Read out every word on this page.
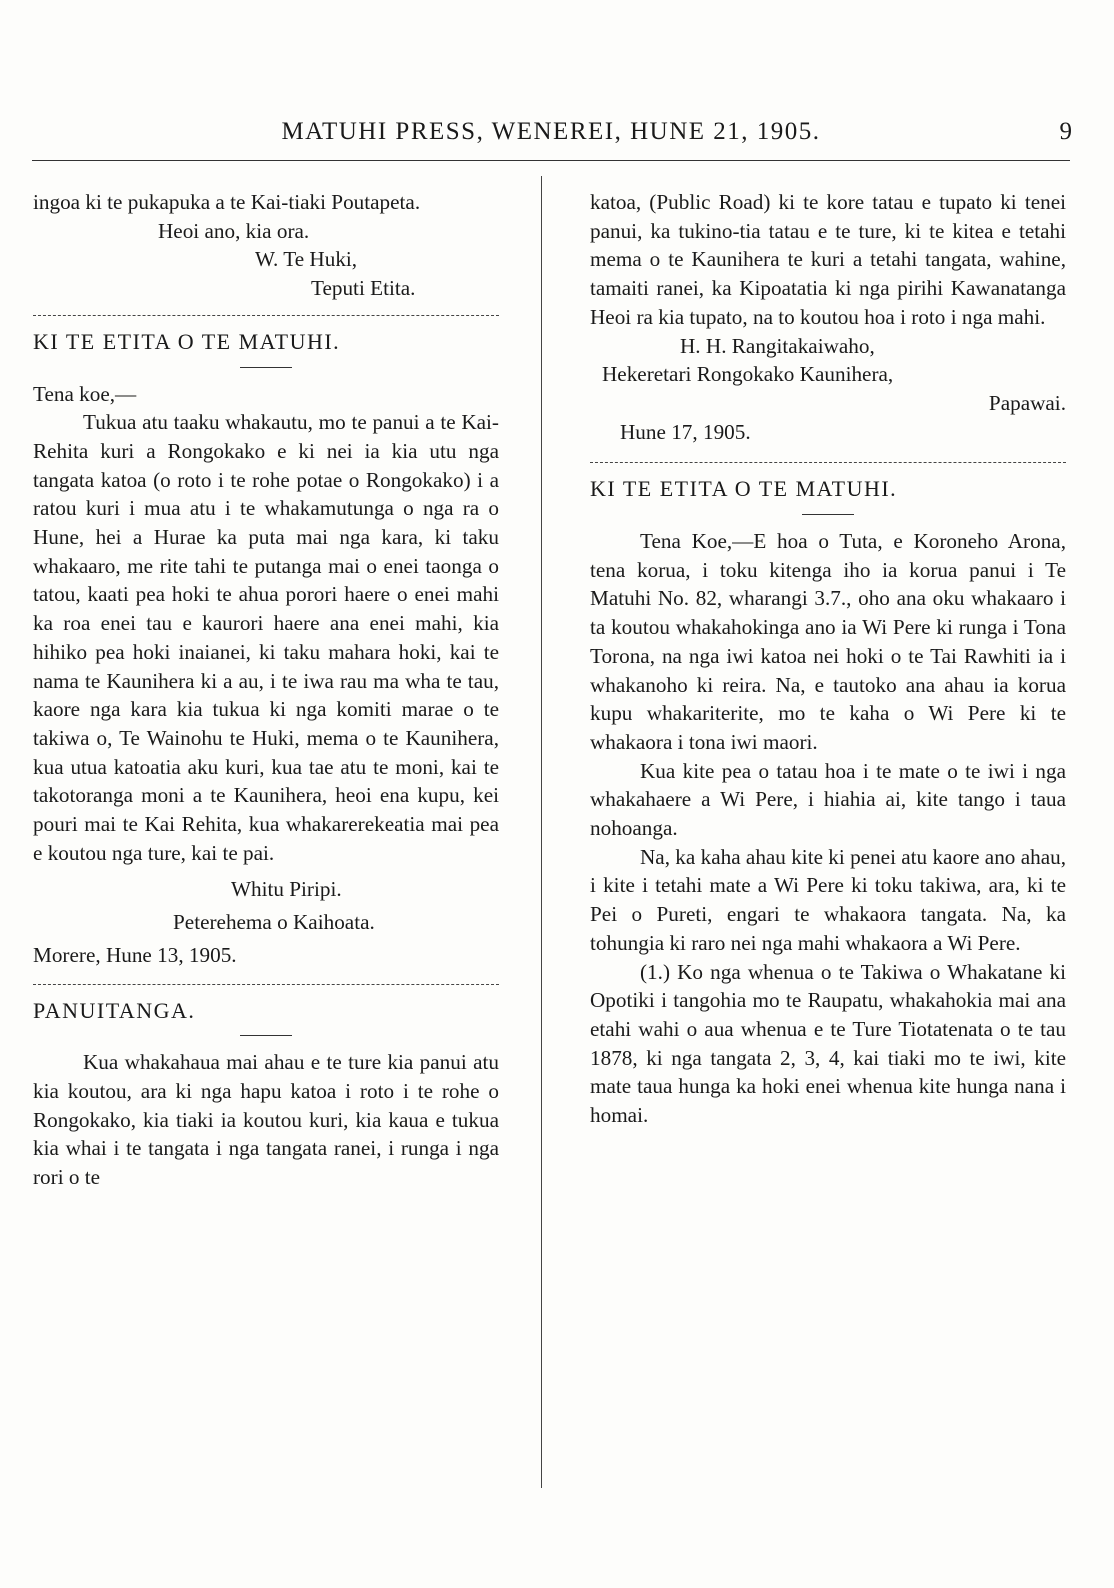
MATUHI PRESS, WENEREI, HUNE 21, 1905.	9

ingoa ki te pukapuka a te Kai-tiaki Poutapeta.

Heoi ano, kia ora.

W. Te Huki,

Teputi Etita.

KI TE ETITA O TE MATUHI.

Tena koe,—

Tukua atu taaku whakautu, mo te panui a te Kai-Rehita kuri a Rongokako e ki nei ia kia utu nga tangata katoa (o roto i te rohe potae o Rongokako) i a ratou kuri i mua atu i te whakamutunga o nga ra o Hune, hei a Hurae ka puta mai nga kara, ki taku whakaaro, me rite tahi te putanga mai o enei taonga o tatou, kaati pea hoki te ahua porori haere o enei mahi ka roa enei tau e kaurori haere ana enei mahi, kia hihiko pea hoki inaianei, ki taku mahara hoki, kai te nama te Kaunihera ki a au, i te iwa rau ma wha te tau, kaore nga kara kia tukua ki nga komiti marae o te takiwa o, Te Wainohu te Huki, mema o te Kaunihera, kua utua katoatia aku kuri, kua tae atu te moni, kai te takotoranga moni a te Kaunihera, heoi ena kupu, kei pouri mai te Kai Rehita, kua whakarerekeatia mai pea e koutou nga ture, kai te pai.

Whitu Piripi.

Peterehema o Kaihoata.

Morere, Hune 13, 1905.

PANUITANGA.

Kua whakahaua mai ahau e te ture kia panui atu kia koutou, ara ki nga hapu katoa i roto i te rohe o Rongokako, kia tiaki ia koutou kuri, kia kaua e tukua kia whai i te tangata i nga tangata ranei, i runga i nga rori o te

katoa, (Public Road) ki te kore tatau e tupato ki tenei panui, ka tukino-tia tatau e te ture, ki te kitea e tetahi mema o te Kaunihera te kuri a tetahi tangata, wahine, tamaiti ranei, ka Kipoatatia ki nga pirihi Kawanatanga Heoi ra kia tupato, na to koutou hoa i roto i nga mahi.

H. H. Rangitakaiwaho,

Hekeretari Rongokako Kaunihera,

Papawai.

Hune 17, 1905.

KI TE ETITA O TE MATUHI.

Tena Koe,—E hoa o Tuta, e Koroneho Arona, tena korua, i toku kitenga iho ia korua panui i Te Matuhi No. 82, wharangi 3.7., oho ana oku whakaaro i ta koutou whakahokinga ano ia Wi Pere ki runga i Tona Torona, na nga iwi katoa nei hoki o te Tai Rawhiti ia i whakanoho ki reira. Na, e tautoko ana ahau ia korua kupu whakariterite, mo te kaha o Wi Pere ki te whakaora i tona iwi maori.

Kua kite pea o tatau hoa i te mate o te iwi i nga whakahaere a Wi Pere, i hiahia ai, kite tango i taua nohoanga.

Na, ka kaha ahau kite ki penei atu kaore ano ahau, i kite i tetahi mate a Wi Pere ki toku takiwa, ara, ki te Pei o Pureti, engari te whakaora tangata. Na, ka tohungia ki raro nei nga mahi whakaora a Wi Pere.

(1.) Ko nga whenua o te Takiwa o Whakatane ki Opotiki i tangohia mo te Raupatu, whakahokia mai ana etahi wahi o aua whenua e te Ture Tiotatenata o te tau 1878, ki nga tangata 2, 3, 4, kai tiaki mo te iwi, kite mate taua hunga ka hoki enei whenua kite hunga nana i homai.
